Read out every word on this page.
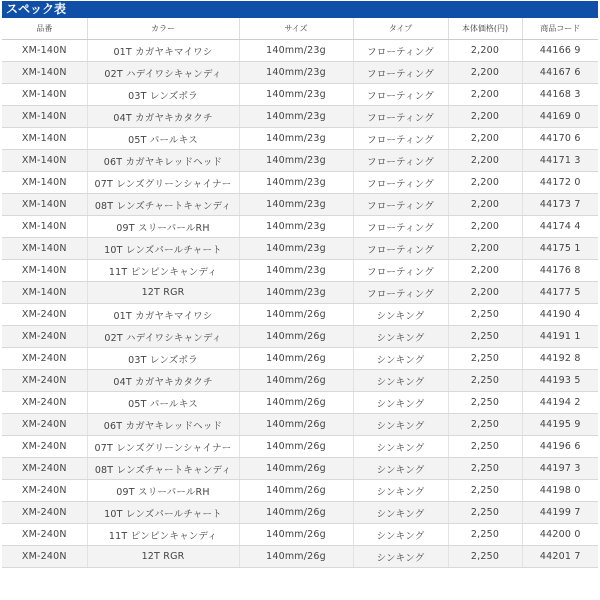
スペック表
品番	カラー	サイズ	タイプ	本体価格(円)	商品コード
XM-140N	01T カガヤキマイワシ	140mm/23g	フローティング	2,200	44166 9
XM-140N	02T ハデイワシキャンディ	140mm/23g	フローティング	2,200	44167 6
XM-140N	03T レンズボラ	140mm/23g	フローティング	2,200	44168 3
XM-140N	04T カガヤキカタクチ	140mm/23g	フローティング	2,200	44169 0
XM-140N	05T パールキス	140mm/23g	フローティング	2,200	44170 6
XM-140N	06T カガヤキレッドヘッド	140mm/23g	フローティング	2,200	44171 3
XM-140N	07T レンズグリーンシャイナー	140mm/23g	フローティング	2,200	44172 0
XM-140N	08T レンズチャートキャンディ	140mm/23g	フローティング	2,200	44173 7
XM-140N	09T スリーパールRH	140mm/23g	フローティング	2,200	44174 4
XM-140N	10T レンズパールチャート	140mm/23g	フローティング	2,200	44175 1
XM-140N	11T ピンピンキャンディ	140mm/23g	フローティング	2,200	44176 8
XM-140N	12T RGR	140mm/23g	フローティング	2,200	44177 5
XM-240N	01T カガヤキマイワシ	140mm/26g	シンキング	2,250	44190 4
XM-240N	02T ハデイワシキャンディ	140mm/26g	シンキング	2,250	44191 1
XM-240N	03T レンズボラ	140mm/26g	シンキング	2,250	44192 8
XM-240N	04T カガヤキカタクチ	140mm/26g	シンキング	2,250	44193 5
XM-240N	05T パールキス	140mm/26g	シンキング	2,250	44194 2
XM-240N	06T カガヤキレッドヘッド	140mm/26g	シンキング	2,250	44195 9
XM-240N	07T レンズグリーンシャイナー	140mm/26g	シンキング	2,250	44196 6
XM-240N	08T レンズチャートキャンディ	140mm/26g	シンキング	2,250	44197 3
XM-240N	09T スリーパールRH	140mm/26g	シンキング	2,250	44198 0
XM-240N	10T レンズパールチャート	140mm/26g	シンキング	2,250	44199 7
XM-240N	11T ピンピンキャンディ	140mm/26g	シンキング	2,250	44200 0
XM-240N	12T RGR	140mm/26g	シンキング	2,250	44201 7
